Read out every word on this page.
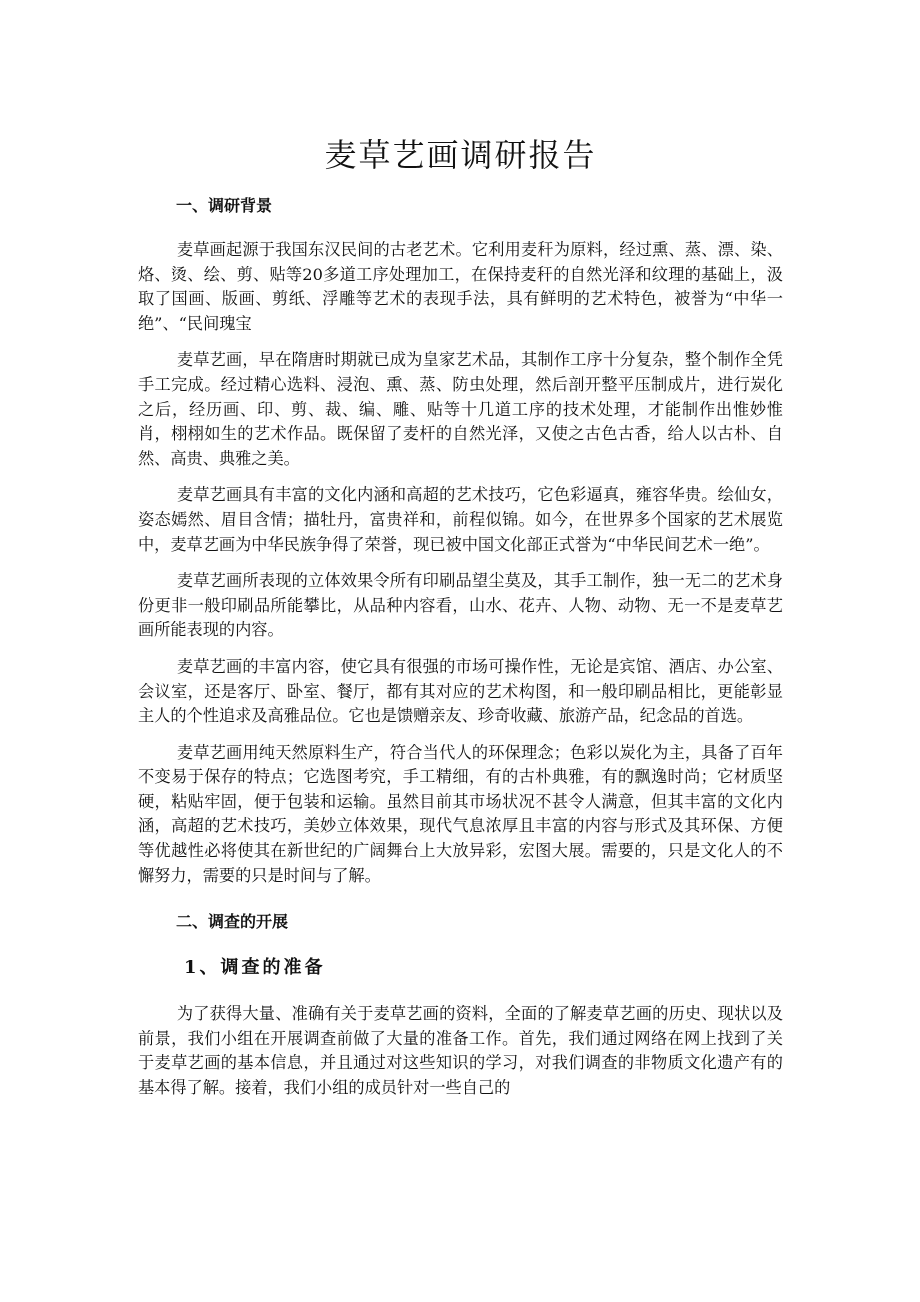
麦草艺画调研报告
一、调研背景

麦草画起源于我国东汉民间的古老艺术。它利用麦秆为原料，经过熏、蒸、漂、染、烙、烫、绘、剪、贴等20多道工序处理加工，在保持麦秆的自然光泽和纹理的基础上，汲取了国画、版画、剪纸、浮雕等艺术的表现手法，具有鲜明的艺术特色，被誉为“中华一绝”、“民间瑰宝

麦草艺画，早在隋唐时期就已成为皇家艺术品，其制作工序十分复杂，整个制作全凭手工完成。经过精心选料、浸泡、熏、蒸、防虫处理，然后剖开整平压制成片，进行炭化之后，经历画、印、剪、裁、编、雕、贴等十几道工序的技术处理，才能制作出惟妙惟肖，栩栩如生的艺术作品。既保留了麦杆的自然光泽，又使之古色古香，给人以古朴、自然、高贵、典雅之美。

麦草艺画具有丰富的文化内涵和高超的艺术技巧，它色彩逼真，雍容华贵。绘仙女，姿态嫣然、眉目含情；描牡丹，富贵祥和，前程似锦。如今，在世界多个国家的艺术展览中，麦草艺画为中华民族争得了荣誉，现已被中国文化部正式誉为“中华民间艺术一绝”。

麦草艺画所表现的立体效果令所有印刷品望尘莫及，其手工制作，独一无二的艺术身份更非一般印刷品所能攀比，从品种内容看，山水、花卉、人物、动物、无一不是麦草艺画所能表现的内容。

麦草艺画的丰富内容，使它具有很强的市场可操作性，无论是宾馆、酒店、办公室、会议室，还是客厅、卧室、餐厅，都有其对应的艺术构图，和一般印刷品相比，更能彰显主人的个性追求及高雅品位。它也是馈赠亲友、珍奇收藏、旅游产品，纪念品的首选。

麦草艺画用纯天然原料生产，符合当代人的环保理念；色彩以炭化为主，具备了百年不变易于保存的特点；它选图考究，手工精细，有的古朴典雅，有的飘逸时尚；它材质坚硬，粘贴牢固，便于包装和运输。虽然目前其市场状况不甚令人满意，但其丰富的文化内涵，高超的艺术技巧，美妙立体效果，现代气息浓厚且丰富的内容与形式及其环保、方便等优越性必将使其在新世纪的广阔舞台上大放异彩，宏图大展。需要的，只是文化人的不懈努力，需要的只是时间与了解。

二、调查的开展
1、调查的准备

为了获得大量、准确有关于麦草艺画的资料，全面的了解麦草艺画的历史、现状以及前景，我们小组在开展调查前做了大量的准备工作。首先，我们通过网络在网上找到了关于麦草艺画的基本信息，并且通过对这些知识的学习，对我们调查的非物质文化遗产有的基本得了解。接着，我们小组的成员针对一些自己的
